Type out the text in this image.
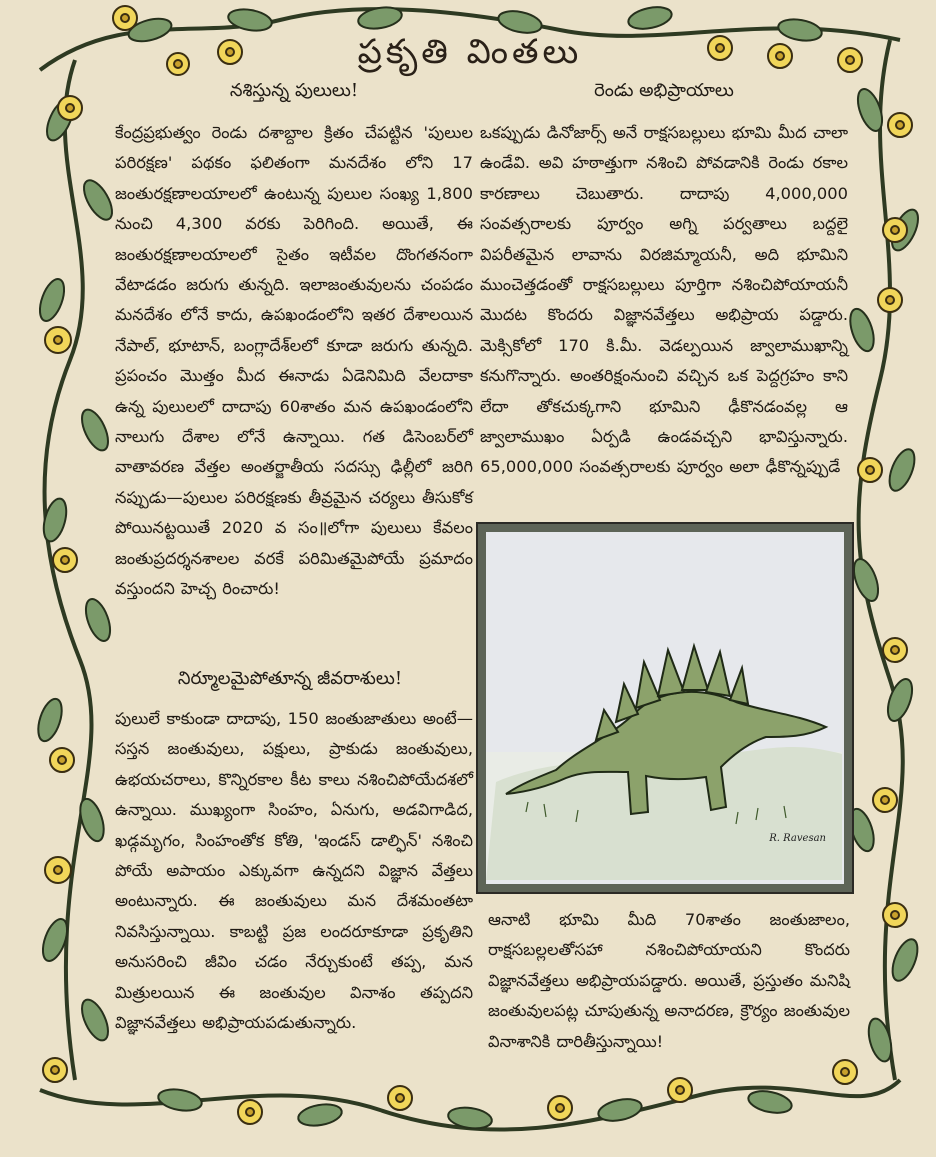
ప్రకృతి వింతలు
నశిస్తున్న పులులు!
కేంద్రప్రభుత్వం రెండు దశాబ్దాల క్రితం చేపట్టిన 'పులుల పరిరక్షణ' పథకం ఫలితంగా మనదేశం లోని 17 జంతురక్షణాలయాలలో ఉంటున్న పులుల సంఖ్య 1,800 నుంచి 4,300 వరకు పెరిగింది. అయితే, ఈ జంతురక్షణాలయాలలో సైతం ఇటీవల దొంగతనంగా వేటాడడం జరుగు తున్నది. ఇలాజంతువులను చంపడం మనదేశం లోనే కాదు, ఉపఖండంలోని ఇతర దేశాలయిన నేపాల్, భూటాన్, బంగ్లాదేశ్‌లలో కూడా జరుగు తున్నది. ప్రపంచం మొత్తం మీద ఈనాడు ఏడెనిమిది వేలదాకా ఉన్న పులులలో దాదాపు 60శాతం మన ఉపఖండంలోని నాలుగు దేశాల లోనే ఉన్నాయి. గత డిసెంబర్‌లో వాతావరణ వేత్తల అంతర్జాతీయ సదస్సు ఢిల్లీలో జరిగి నప్పుడు—పులుల పరిరక్షణకు తీవ్రమైన చర్యలు తీసుకోక పోయినట్టయితే 2020 వ సం॥లోగా పులులు కేవలం జంతుప్రదర్శనశాలల వరకే పరిమితమైపోయే ప్రమాదం వస్తుందని హెచ్చ రించారు!
నిర్మూలమైపోతూన్న జీవరాశులు!
పులులే కాకుండా దాదాపు, 150 జంతుజాతులు అంటే— సస్తన జంతువులు, పక్షులు, ప్రాకుడు జంతువులు, ఉభయచరాలు, కొన్నిరకాల కీట కాలు నశించిపోయేదశలో ఉన్నాయి. ముఖ్యంగా సింహం, ఏనుగు, అడవిగాడిద, ఖడ్గమృగం, సింహంతోక కోతి, 'ఇండస్ డాల్ఫిన్' నశించి పోయే అపాయం ఎక్కువగా ఉన్నదని విజ్ఞాన వేత్తలు అంటున్నారు. ఈ జంతువులు మన దేశమంతటా నివసిస్తున్నాయి. కాబట్టి ప్రజ లందరూకూడా ప్రకృతిని అనుసరించి జీవిం చడం నేర్చుకుంటే తప్ప, మన మిత్రులయిన ఈ జంతువుల వినాశం తప్పదని విజ్ఞానవేత్తలు అభిప్రాయపడుతున్నారు.
రెండు అభిప్రాయాలు
ఒకప్పుడు డినోజార్స్ అనే రాక్షసబల్లులు భూమి మీద చాలా ఉండేవి. అవి హఠాత్తుగా నశించి పోవడానికి రెండు రకాల కారణాలు చెబుతారు. దాదాపు 4,000,000 సంవత్సరాలకు పూర్వం అగ్ని పర్వతాలు బద్దలై విపరీతమైన లావాను విరజిమ్మాయనీ, అది భూమిని ముంచెత్తడంతో రాక్షసబల్లులు పూర్తిగా నశించిపోయాయనీ మొదట కొందరు విజ్ఞానవేత్తలు అభిప్రాయ పడ్డారు. మెక్సికోలో 170 కి.మీ. వెడల్పయిన జ్వాలాముఖాన్ని కనుగొన్నారు. అంతరిక్షంనుంచి వచ్చిన ఒక పెద్దగ్రహం కాని లేదా తోకచుక్కగాని భూమిని ఢీకొనడంవల్ల ఆ జ్వాలాముఖం ఏర్పడి ఉండవచ్చని భావిస్తున్నారు. 65,000,000 సంవత్సరాలకు పూర్వం అలా ఢీకొన్నప్పుడే
R. Ravesan
ఆనాటి భూమి మీది 70శాతం జంతుజాలం, రాక్షసబల్లలతోసహా నశించిపోయాయని కొందరు విజ్ఞానవేత్తలు అభిప్రాయపడ్డారు. అయితే, ప్రస్తుతం మనిషి జంతువులపట్ల చూపుతున్న అనాదరణ, క్రౌర్యం జంతువుల వినాశానికి దారితీస్తున్నాయి!
